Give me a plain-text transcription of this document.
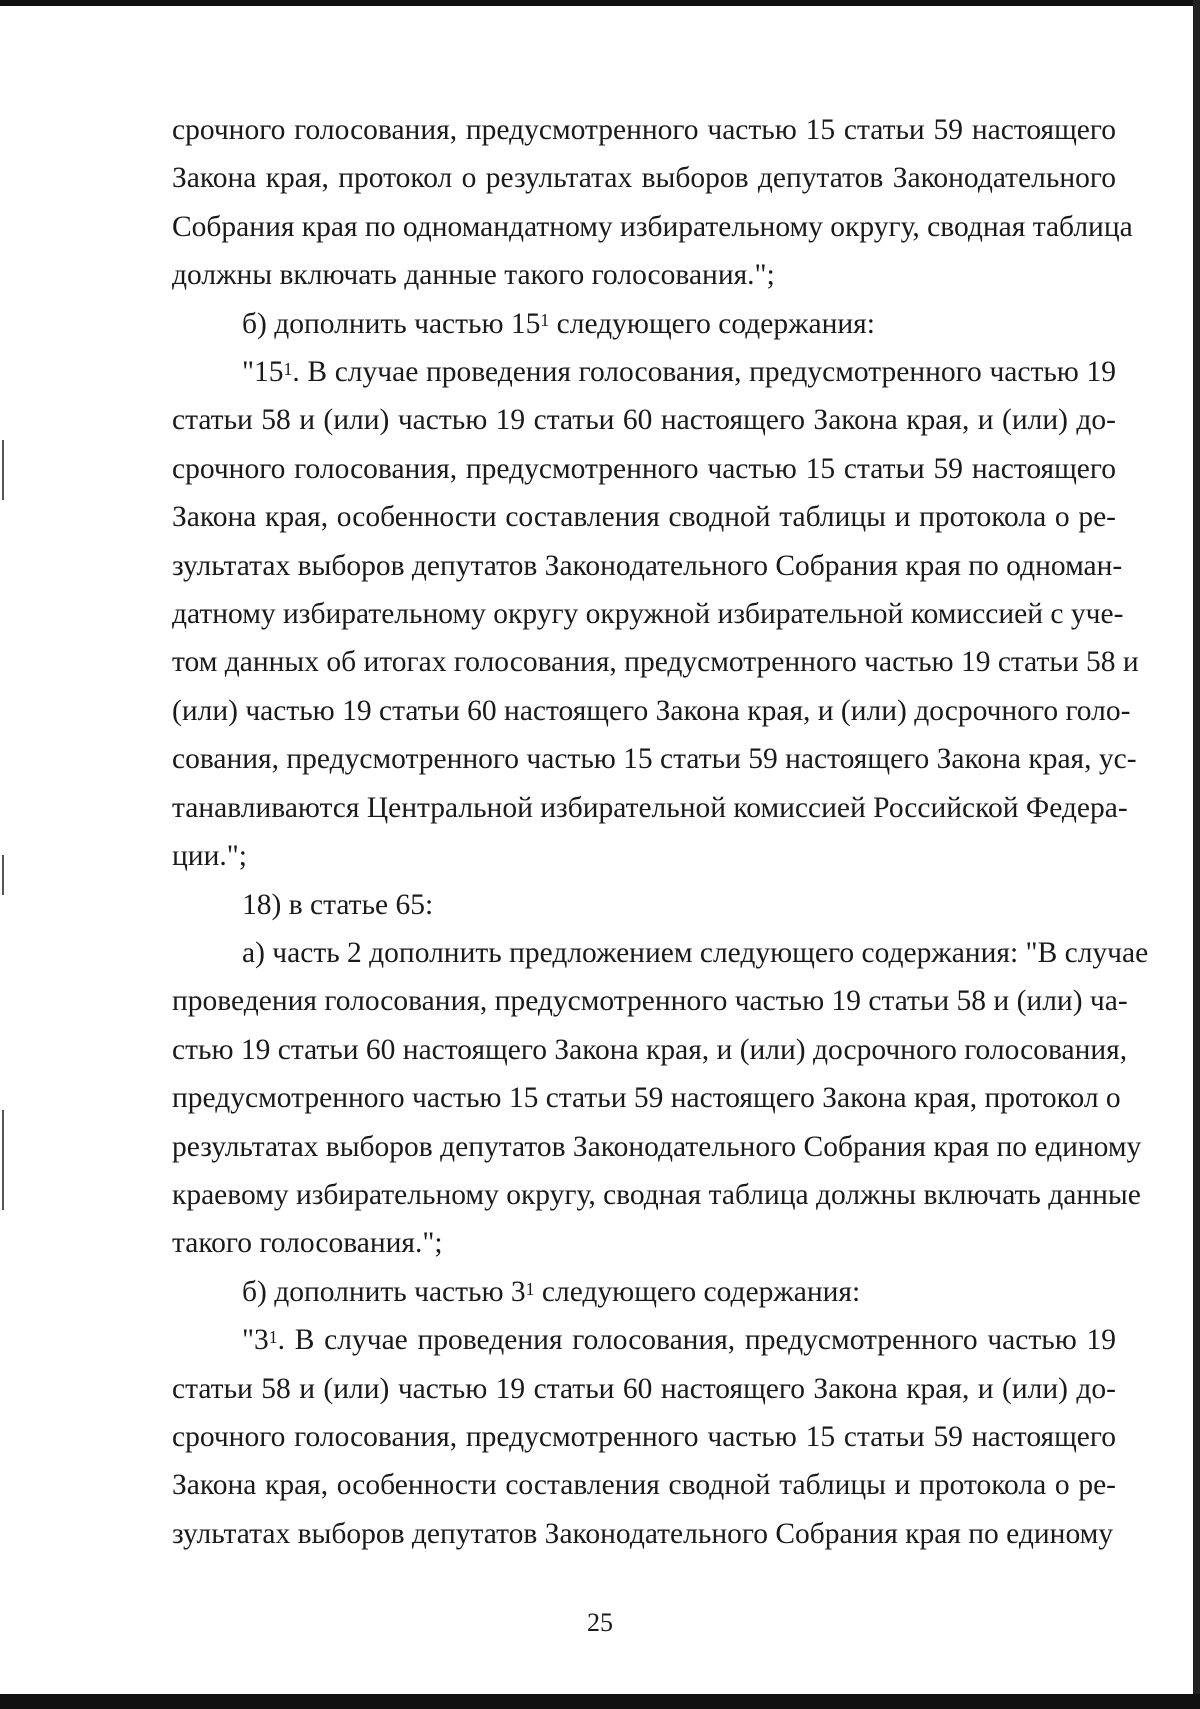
срочного голосования, предусмотренного частью 15 статьи 59 настоящего
Закона края, протокол о результатах выборов депутатов Законодательного
Собрания края по одномандатному избирательному округу, сводная таблица
должны включать данные такого голосования.";
б) дополнить частью $15^1$ следующего содержания:
"$15^1$. В случае проведения голосования, предусмотренного частью 19
статьи 58 и (или) частью 19 статьи 60 настоящего Закона края, и (или) до-
срочного голосования, предусмотренного частью 15 статьи 59 настоящего
Закона края, особенности составления сводной таблицы и протокола о ре-
зультатах выборов депутатов Законодательного Собрания края по одноман-
датному избирательному округу окружной избирательной комиссией с уче-
том данных об итогах голосования, предусмотренного частью 19 статьи 58 и
(или) частью 19 статьи 60 настоящего Закона края, и (или) досрочного голо-
сования, предусмотренного частью 15 статьи 59 настоящего Закона края, ус-
танавливаются Центральной избирательной комиссией Российской Федера-
ции.";
18) в статье 65:
а) часть 2 дополнить предложением следующего содержания: "В случае
проведения голосования, предусмотренного частью 19 статьи 58 и (или) ча-
стью 19 статьи 60 настоящего Закона края, и (или) досрочного голосования,
предусмотренного частью 15 статьи 59 настоящего Закона края, протокол о
результатах выборов депутатов Законодательного Собрания края по единому
краевому избирательному округу, сводная таблица должны включать данные
такого голосования.";
б) дополнить частью $3^1$ следующего содержания:
"$3^1$. В случае проведения голосования, предусмотренного частью 19
статьи 58 и (или) частью 19 статьи 60 настоящего Закона края, и (или) до-
срочного голосования, предусмотренного частью 15 статьи 59 настоящего
Закона края, особенности составления сводной таблицы и протокола о ре-
зультатах выборов депутатов Законодательного Собрания края по единому
25
